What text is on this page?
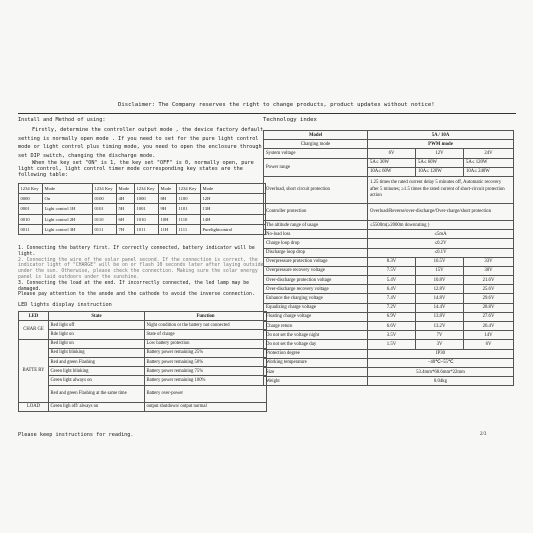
Disclaimer: The Company reserves the right to change products, product updates without notice!
Install and Method of using:

Firstly, determine the controller output mode , the device factory default setting is normally open mode . If you need to set for the pure light control mode or light control plus timing mode, you need to open the enclosure through set DIP switch, changing the discharge mode.

When the key set "ON" is 1, the key set "OFF" is 0, normally open, pure light control, light control timer mode corresponding key states are the following table:

1234 Key	Mode	1234 Key	Mode	1234 Key	Mode	1234 Key	Mode
0000	On	0100	4H	1000	8H	1100	12H
0001	Light control 1H	0101	5H	1001	9H	1101	13H
0010	Light control 2H	0110	6H	1010	10H	1110	14H
0011	Light control 3H	0111	7H	1011	11H	1111	Purelightcontrol

1. Connecting the battery first. If correctly connected, battery indicator will be light.

2. Connecting the wire of the solar panel second. If the connection is correct, the indicator light of "CHARGE" will be on or flash 10 seconds later after laying outside under the sun. Otherwise, please check the connection. Making sure the solar energy panel is laid outdoors under the sunshine.

3. Connecting the load at the end. If incorrectly connected, the led lamp may be damaged.

Please pay attention to the anode and the cathode to avoid the inverse connection.

LED lights display instruction
LED	State	Function
CHAR GE	Red light off	Night condition or the battery not connected
	Rde light on	State of charge
BATTE RY	Red light on	Low battery protection
	Red light blinking	Battery power remaining 25%
	Red and green Flashing	Battery power remaining 50%
	Green light blinking	Battery power remaining 75%
	Green light always on	Battery power remaining 100%
	Red and green Flashing at the same time	Battery over-power
LOAD	Green ligh off/ always on	output shutdown/ output normal
Please keep instructions for reading.	2/3
Technology index
Model	5A / 10A		
Charging mode	PWM mode		
System voltage	6V	12V	24V
Power range	5A≤ 30W	5A≤ 60W	5A≤ 120W
	10A≤ 60W	10A≤ 120W	10A≤ 240W
Overload, short circuit protection	1.25 times the rated current delay 5 minutes off, Automatic recovery after 5 minutes; ≥1.5 times the rated current of short-circuit protection action		
Controller protection	Overload/Reverse/over-discharge/Over-charge/short protection		
The altitude range of usage	≤5500m(≥2000m downrating )		
No-load loss	≤5mA		
Charge loop drop	≤0.2V		
Discharge loop drop	≤0.1V		
Overpressure protection voltage	8.3V	16.5V	33V
Overpressure recovery voltage	7.5V	15V	30V
Over-discharge protection voltage	5.4V	10.8V	21.6V
Over-discharge recovery voltage	6.4V	12.8V	25.6V
Enhance the charging voltage	7.4V	14.8V	29.6V
Equalizing charge voltage	7.2V	14.4V	28.8V
Floating charge voltage	6.9V	13.8V	27.6V
Charge return	6.6V	13.2V	26.4V
Do not set the voltage night	3.5V	7V	14V
Do not set the voltage day	1.5V	3V	6V
Protection degree	IP30		
Working temperature	−40℃~55℃		
Size	53.4mm*68.6mm*22mm		
Weight	0.04kg		
